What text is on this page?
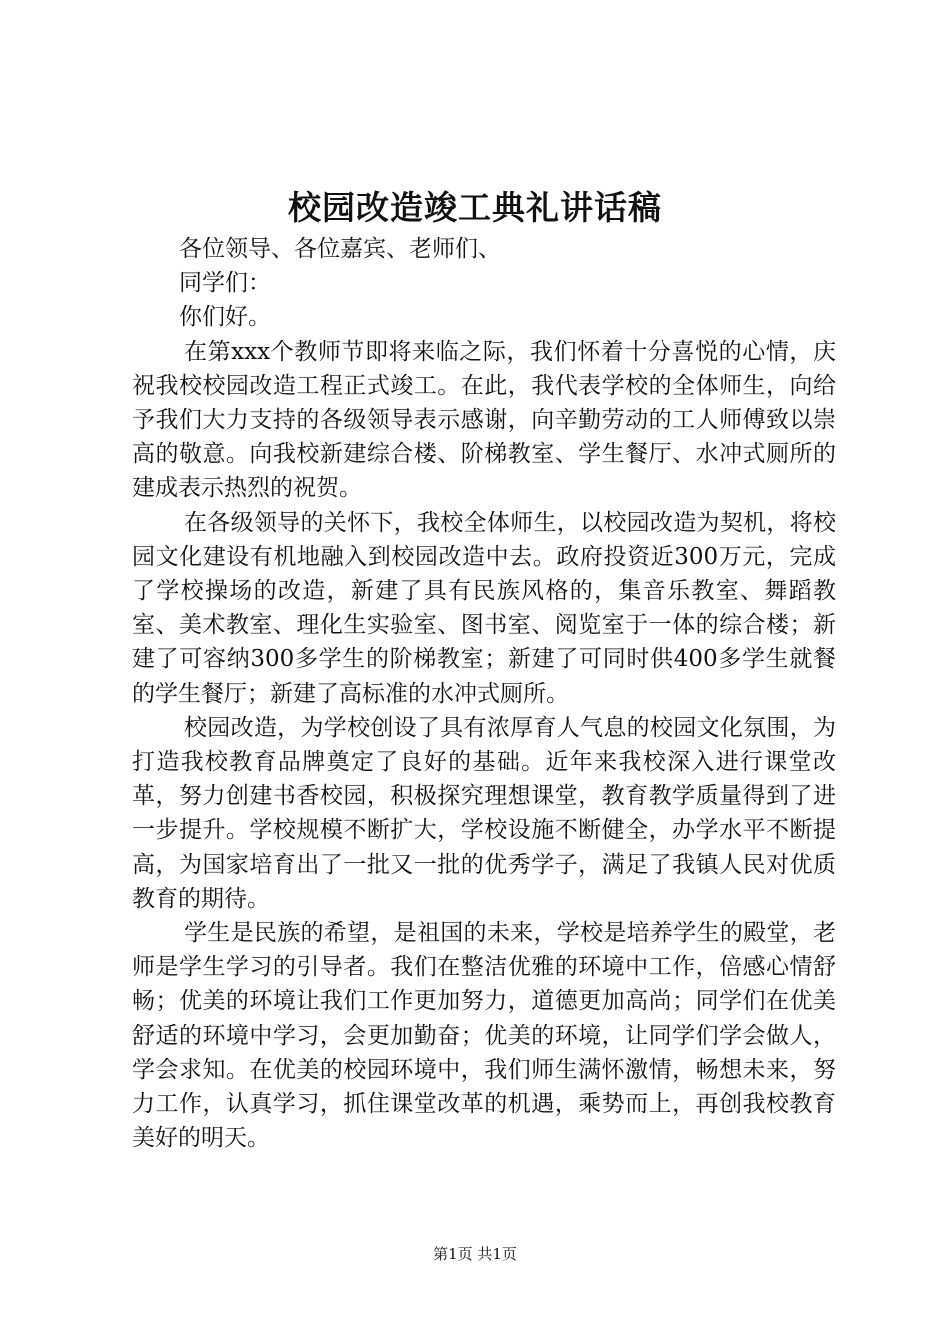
校园改造竣工典礼讲话稿

各位领导、各位嘉宾、老师们、

同学们：

你们好。

在第xxx个教师节即将来临之际，我们怀着十分喜悦的心情，庆祝我校校园改造工程正式竣工。在此，我代表学校的全体师生，向给予我们大力支持的各级领导表示感谢，向辛勤劳动的工人师傅致以崇高的敬意。向我校新建综合楼、阶梯教室、学生餐厅、水冲式厕所的建成表示热烈的祝贺。

在各级领导的关怀下，我校全体师生，以校园改造为契机，将校园文化建设有机地融入到校园改造中去。政府投资近300万元，完成了学校操场的改造，新建了具有民族风格的，集音乐教室、舞蹈教室、美术教室、理化生实验室、图书室、阅览室于一体的综合楼；新建了可容纳300多学生的阶梯教室；新建了可同时供400多学生就餐的学生餐厅；新建了高标准的水冲式厕所。

校园改造，为学校创设了具有浓厚育人气息的校园文化氛围，为打造我校教育品牌奠定了良好的基础。近年来我校深入进行课堂改革，努力创建书香校园，积极探究理想课堂，教育教学质量得到了进一步提升。学校规模不断扩大，学校设施不断健全，办学水平不断提高，为国家培育出了一批又一批的优秀学子，满足了我镇人民对优质教育的期待。

学生是民族的希望，是祖国的未来，学校是培养学生的殿堂，老师是学生学习的引导者。我们在整洁优雅的环境中工作，倍感心情舒畅；优美的环境让我们工作更加努力，道德更加高尚；同学们在优美舒适的环境中学习，会更加勤奋；优美的环境，让同学们学会做人，学会求知。在优美的校园环境中，我们师生满怀激情，畅想未来，努力工作，认真学习，抓住课堂改革的机遇，乘势而上，再创我校教育美好的明天。

第1页 共1页
